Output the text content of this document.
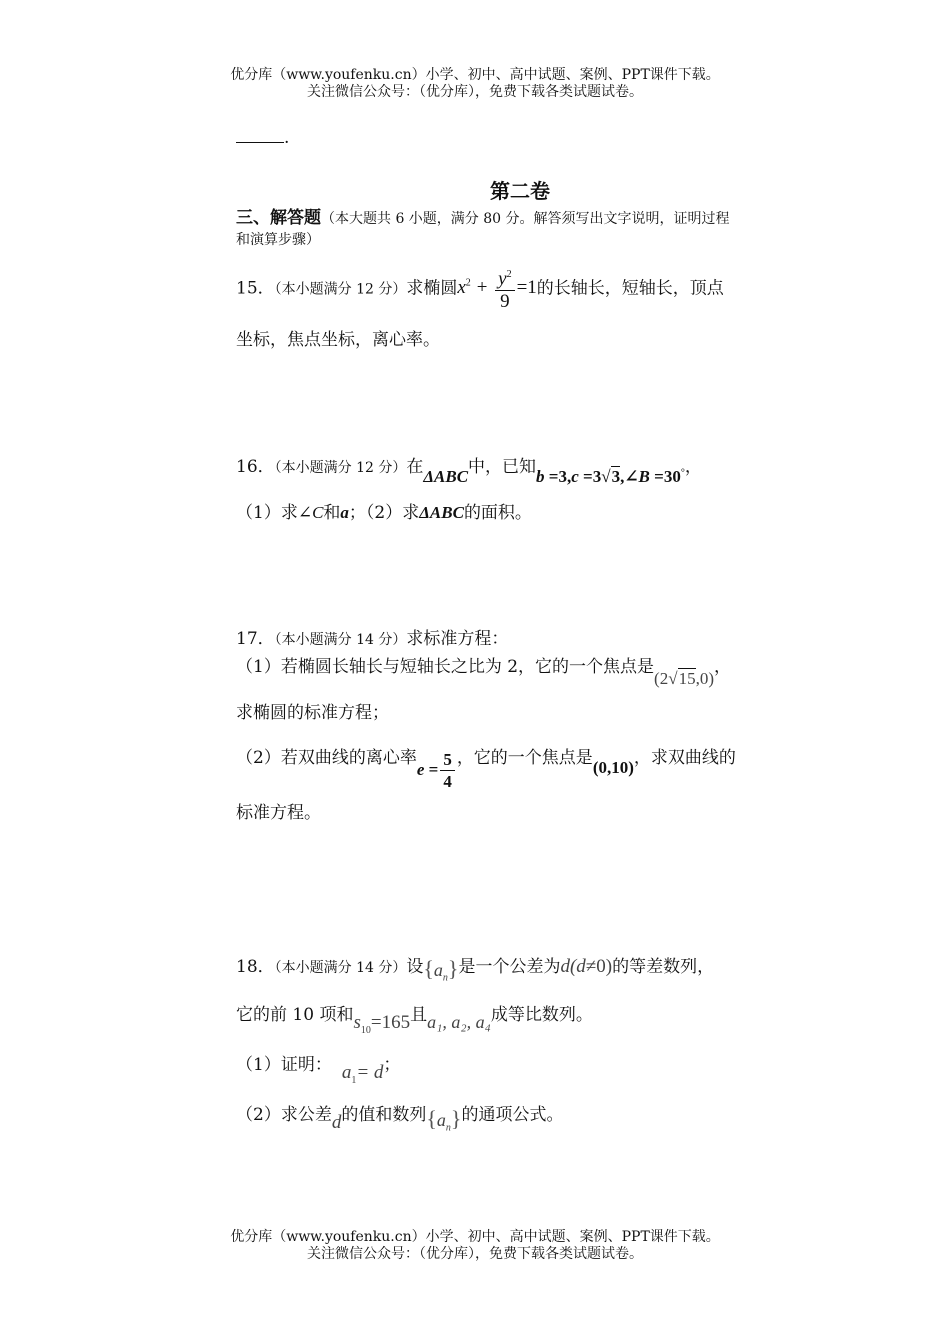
优分库（www.youfenku.cn）小学、初中、高中试题、案例、PPT课件下载。
关注微信公众号：（优分库），免费下载各类试题试卷。
.
第二卷
三、解答题（本大题共 6 小题，满分 80 分。解答须写出文字说明，证明过程
和演算步骤）
15．（本小题满分 12 分）求椭圆$x^2 + \frac{y^2}{9} =1$的长轴长，短轴长，顶点
坐标，焦点坐标，离心率。
16．（本小题满分 12 分）在ΔABC中，已知b =3,c =3√3,∠B =30°，
（1）求∠C和a；（2）求ΔABC的面积。
17．（本小题满分 14 分）求标准方程：
（1）若椭圆长轴长与短轴长之比为 2，它的一个焦点是(2√15,0)，
求椭圆的标准方程；
（2）若双曲线的离心率$e = \frac{5}{4}$ ，它的一个焦点是(0,10)，求双曲线的
标准方程。
18．（本小题满分 14 分）设$\{a_n\}$是一个公差为d(d≠0)的等差数列，
它的前 10 项和$s_{10}=165$且a₁, a₂, a₄成等比数列。
（1）证明： $a_1= d$；
（2）求公差d的值和数列$\{a_n\}$的通项公式。
优分库（www.youfenku.cn）小学、初中、高中试题、案例、PPT课件下载。
关注微信公众号：（优分库），免费下载各类试题试卷。
